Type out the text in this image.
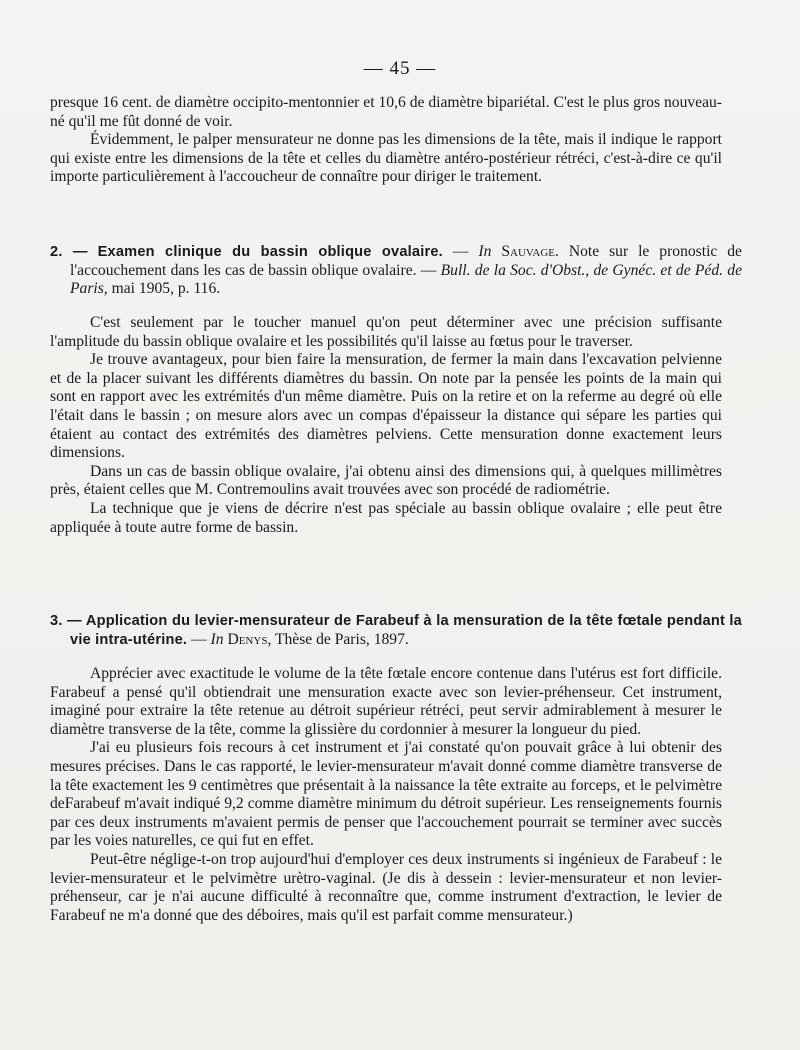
— 45 —

presque 16 cent. de diamètre occipito-mentonnier et 10,6 de diamètre bipariétal. C'est le plus gros nouveau-né qu'il me fût donné de voir.

Évidemment, le palper mensurateur ne donne pas les dimensions de la tête, mais il indique le rapport qui existe entre les dimensions de la tête et celles du diamètre antéro-postérieur rétréci, c'est-à-dire ce qu'il importe particulièrement à l'accoucheur de connaître pour diriger le traitement.

2. — Examen clinique du bassin oblique ovalaire. — In Sauvage. Note sur le pronostic de l'accouchement dans les cas de bassin oblique ovalaire. — Bull. de la Soc. d'Obst., de Gynéc. et de Péd. de Paris, mai 1905, p. 116.

C'est seulement par le toucher manuel qu'on peut déterminer avec une précision suffisante l'amplitude du bassin oblique ovalaire et les possibilités qu'il laisse au fœtus pour le traverser.

Je trouve avantageux, pour bien faire la mensuration, de fermer la main dans l'excavation pelvienne et de la placer suivant les différents diamètres du bassin. On note par la pensée les points de la main qui sont en rapport avec les extrémités d'un même diamètre. Puis on la retire et on la referme au degré où elle l'était dans le bassin ; on mesure alors avec un compas d'épaisseur la distance qui sépare les parties qui étaient au contact des extrémités des diamètres pelviens. Cette mensuration donne exactement leurs dimensions.

Dans un cas de bassin oblique ovalaire, j'ai obtenu ainsi des dimensions qui, à quelques millimètres près, étaient celles que M. Contremoulins avait trouvées avec son procédé de radiométrie.

La technique que je viens de décrire n'est pas spéciale au bassin oblique ovalaire ; elle peut être appliquée à toute autre forme de bassin.

3. — Application du levier-mensurateur de Farabeuf à la mensuration de la tête fœtale pendant la vie intra-utérine. — In Denys, Thèse de Paris, 1897.

Apprécier avec exactitude le volume de la tête fœtale encore contenue dans l'utérus est fort difficile. Farabeuf a pensé qu'il obtiendrait une mensuration exacte avec son levier-préhenseur. Cet instrument, imaginé pour extraire la tête retenue au détroit supérieur rétréci, peut servir admirablement à mesurer le diamètre transverse de la tête, comme la glissière du cordonnier à mesurer la longueur du pied.

J'ai eu plusieurs fois recours à cet instrument et j'ai constaté qu'on pouvait grâce à lui obtenir des mesures précises. Dans le cas rapporté, le levier-mensurateur m'avait donné comme diamètre transverse de la tête exactement les 9 centimètres que présentait à la naissance la tête extraite au forceps, et le pelvimètre deFarabeuf m'avait indiqué 9,2 comme diamètre minimum du détroit supérieur. Les renseignements fournis par ces deux instruments m'avaient permis de penser que l'accouchement pourrait se terminer avec succès par les voies naturelles, ce qui fut en effet.

Peut-être néglige-t-on trop aujourd'hui d'employer ces deux instruments si ingénieux de Farabeuf : le levier-mensurateur et le pelvimètre urètro-vaginal. (Je dis à dessein : levier-mensurateur et non levier-préhenseur, car je n'ai aucune difficulté à reconnaître que, comme instrument d'extraction, le levier de Farabeuf ne m'a donné que des déboires, mais qu'il est parfait comme mensurateur.)
